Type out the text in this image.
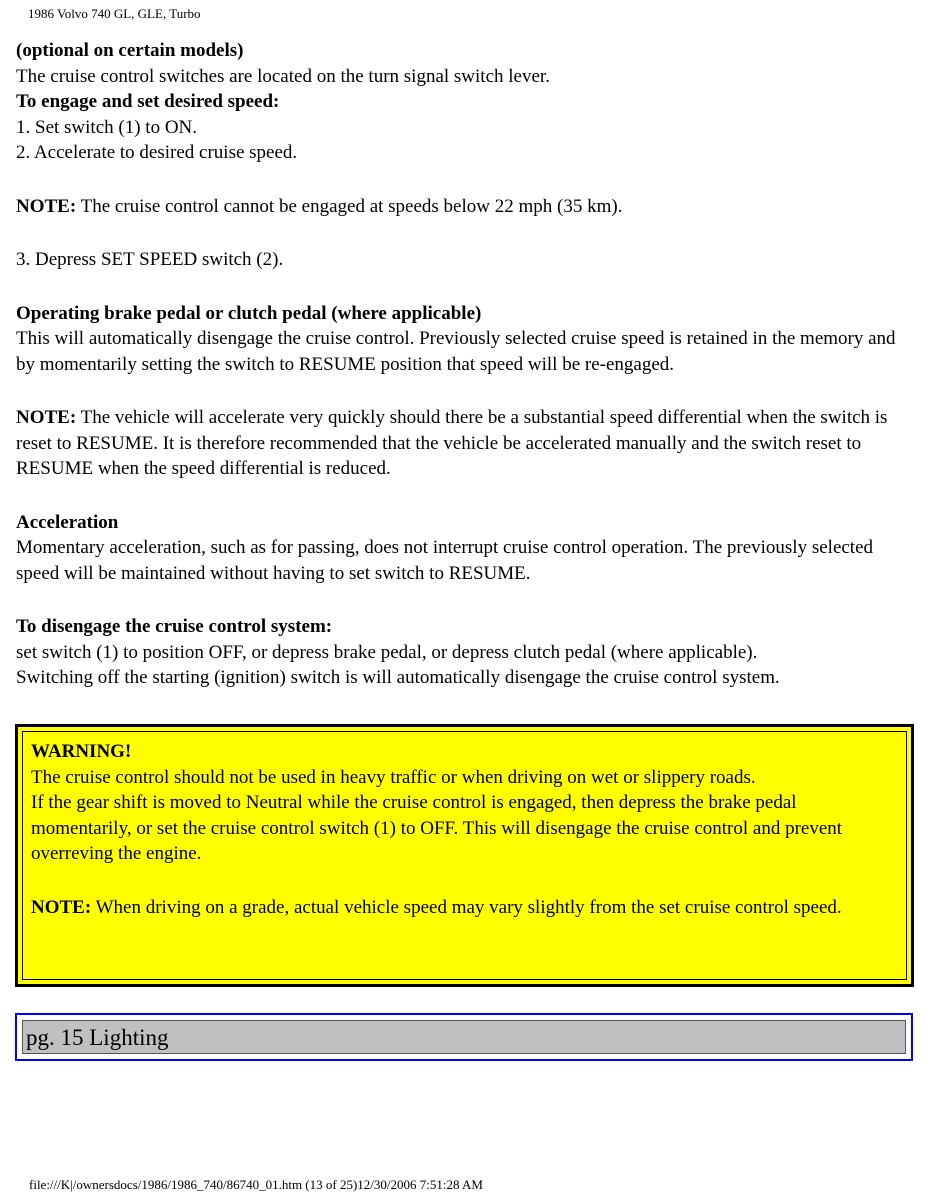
1986 Volvo 740 GL, GLE, Turbo

(optional on certain models)

The cruise control switches are located on the turn signal switch lever.

To engage and set desired speed:

1. Set switch (1) to ON.

2. Accelerate to desired cruise speed.

NOTE: The cruise control cannot be engaged at speeds below 22 mph (35 km).

3. Depress SET SPEED switch (2).

Operating brake pedal or clutch pedal (where applicable)

This will automatically disengage the cruise control. Previously selected cruise speed is retained in the memory and by momentarily setting the switch to RESUME position that speed will be re-engaged.

NOTE: The vehicle will accelerate very quickly should there be a substantial speed differential when the switch is reset to RESUME. It is therefore recommended that the vehicle be accelerated manually and the switch reset to RESUME when the speed differential is reduced.

Acceleration

Momentary acceleration, such as for passing, does not interrupt cruise control operation. The previously selected speed will be maintained without having to set switch to RESUME.

To disengage the cruise control system:

set switch (1) to position OFF, or depress brake pedal, or depress clutch pedal (where applicable).

Switching off the starting (ignition) switch is will automatically disengage the cruise control system.

WARNING!

The cruise control should not be used in heavy traffic or when driving on wet or slippery roads.

If the gear shift is moved to Neutral while the cruise control is engaged, then depress the brake pedal momentarily, or set the cruise control switch (1) to OFF. This will disengage the cruise control and prevent overreving the engine.

NOTE: When driving on a grade, actual vehicle speed may vary slightly from the set cruise control speed.

pg. 15 Lighting
file:///K|/ownersdocs/1986/1986_740/86740_01.htm (13 of 25)12/30/2006 7:51:28 AM
